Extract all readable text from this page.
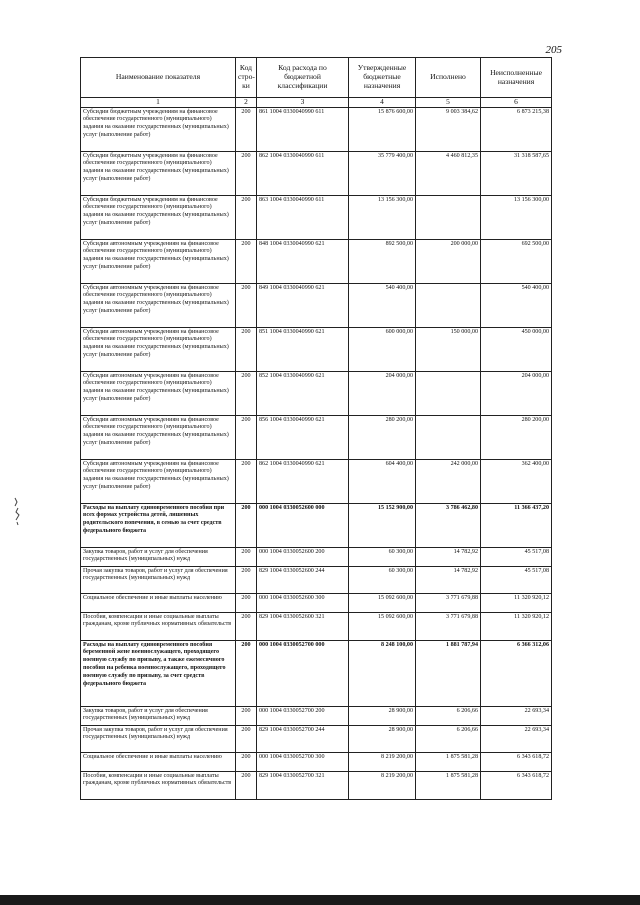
205
Наименование показателя	Код стро-ки	Код расхода по бюджетной классификации	Утвержденные бюджетные назначения	Исполнено	Неисполненные назначения
1	2	3	4	5	6
Субсидии бюджетным учреждениям на финансовое обеспечение государственного (муниципального) задания на оказание государственных (муниципальных) услуг (выполнение работ)	200	861 1004 0330040990 611	15 876 600,00	9 003 384,62	6 873 215,38
Субсидии бюджетным учреждениям на финансовое обеспечение государственного (муниципального) задания на оказание государственных (муниципальных) услуг (выполнение работ)	200	862 1004 0330040990 611	35 779 400,00	4 460 812,35	31 318 587,65
Субсидии бюджетным учреждениям на финансовое обеспечение государственного (муниципального) задания на оказание государственных (муниципальных) услуг (выполнение работ)	200	863 1004 0330040990 611	13 156 300,00		13 156 300,00
Субсидии автономным учреждениям на финансовое обеспечение государственного (муниципального) задания на оказание государственных (муниципальных) услуг (выполнение работ)	200	848 1004 0330040990 621	892 500,00	200 000,00	692 500,00
Субсидии автономным учреждениям на финансовое обеспечение государственного (муниципального) задания на оказание государственных (муниципальных) услуг (выполнение работ)	200	849 1004 0330040990 621	540 400,00		540 400,00
Субсидии автономным учреждениям на финансовое обеспечение государственного (муниципального) задания на оказание государственных (муниципальных) услуг (выполнение работ)	200	851 1004 0330040990 621	600 000,00	150 000,00	450 000,00
Субсидии автономным учреждениям на финансовое обеспечение государственного (муниципального) задания на оказание государственных (муниципальных) услуг (выполнение работ)	200	852 1004 0330040990 621	204 000,00		204 000,00
Субсидии автономным учреждениям на финансовое обеспечение государственного (муниципального) задания на оказание государственных (муниципальных) услуг (выполнение работ)	200	856 1004 0330040990 621	280 200,00		280 200,00
Субсидии автономным учреждениям на финансовое обеспечение государственного (муниципального) задания на оказание государственных (муниципальных) услуг (выполнение работ)	200	862 1004 0330040990 621	604 400,00	242 000,00	362 400,00
Расходы на выплату единовременного пособия при всех формах устройства детей, лишенных родительского попечения, в семью за счет средств федерального бюджета	200	000 1004 0330052600 000	15 152 900,00	3 786 462,80	11 366 437,20
Закупка товаров, работ и услуг для обеспечения государственных (муниципальных) нужд	200	000 1004 0330052600 200	60 300,00	14 782,92	45 517,08
Прочая закупка товаров, работ и услуг для обеспечения государственных (муниципальных) нужд	200	829 1004 0330052600 244	60 300,00	14 782,92	45 517,08
Социальное обеспечение и иные выплаты населению	200	000 1004 0330052600 300	15 092 600,00	3 771 679,88	11 320 920,12
Пособия, компенсации и иные социальные выплаты гражданам, кроме публичных нормативных обязательств	200	829 1004 0330052600 321	15 092 600,00	3 771 679,88	11 320 920,12
Расходы на выплату единовременного пособия беременной жене военнослужащего, проходящего военную службу по призыву, а также ежемесячного пособия на ребенка военнослужащего, проходящего военную службу по призыву, за счет средств федерального бюджета	200	000 1004 0330052700 000	8 248 100,00	1 881 787,94	6 366 312,06
Закупка товаров, работ и услуг для обеспечения государственных (муниципальных) нужд	200	000 1004 0330052700 200	28 900,00	6 206,66	22 693,34
Прочая закупка товаров, работ и услуг для обеспечения государственных (муниципальных) нужд	200	829 1004 0330052700 244	28 900,00	6 206,66	22 693,34
Социальное обеспечение и иные выплаты населению	200	000 1004 0330052700 300	8 219 200,00	1 875 581,28	6 343 618,72
Пособия, компенсации и иные социальные выплаты гражданам, кроме публичных нормативных обязательств	200	829 1004 0330052700 321	8 219 200,00	1 875 581,28	6 343 618,72
